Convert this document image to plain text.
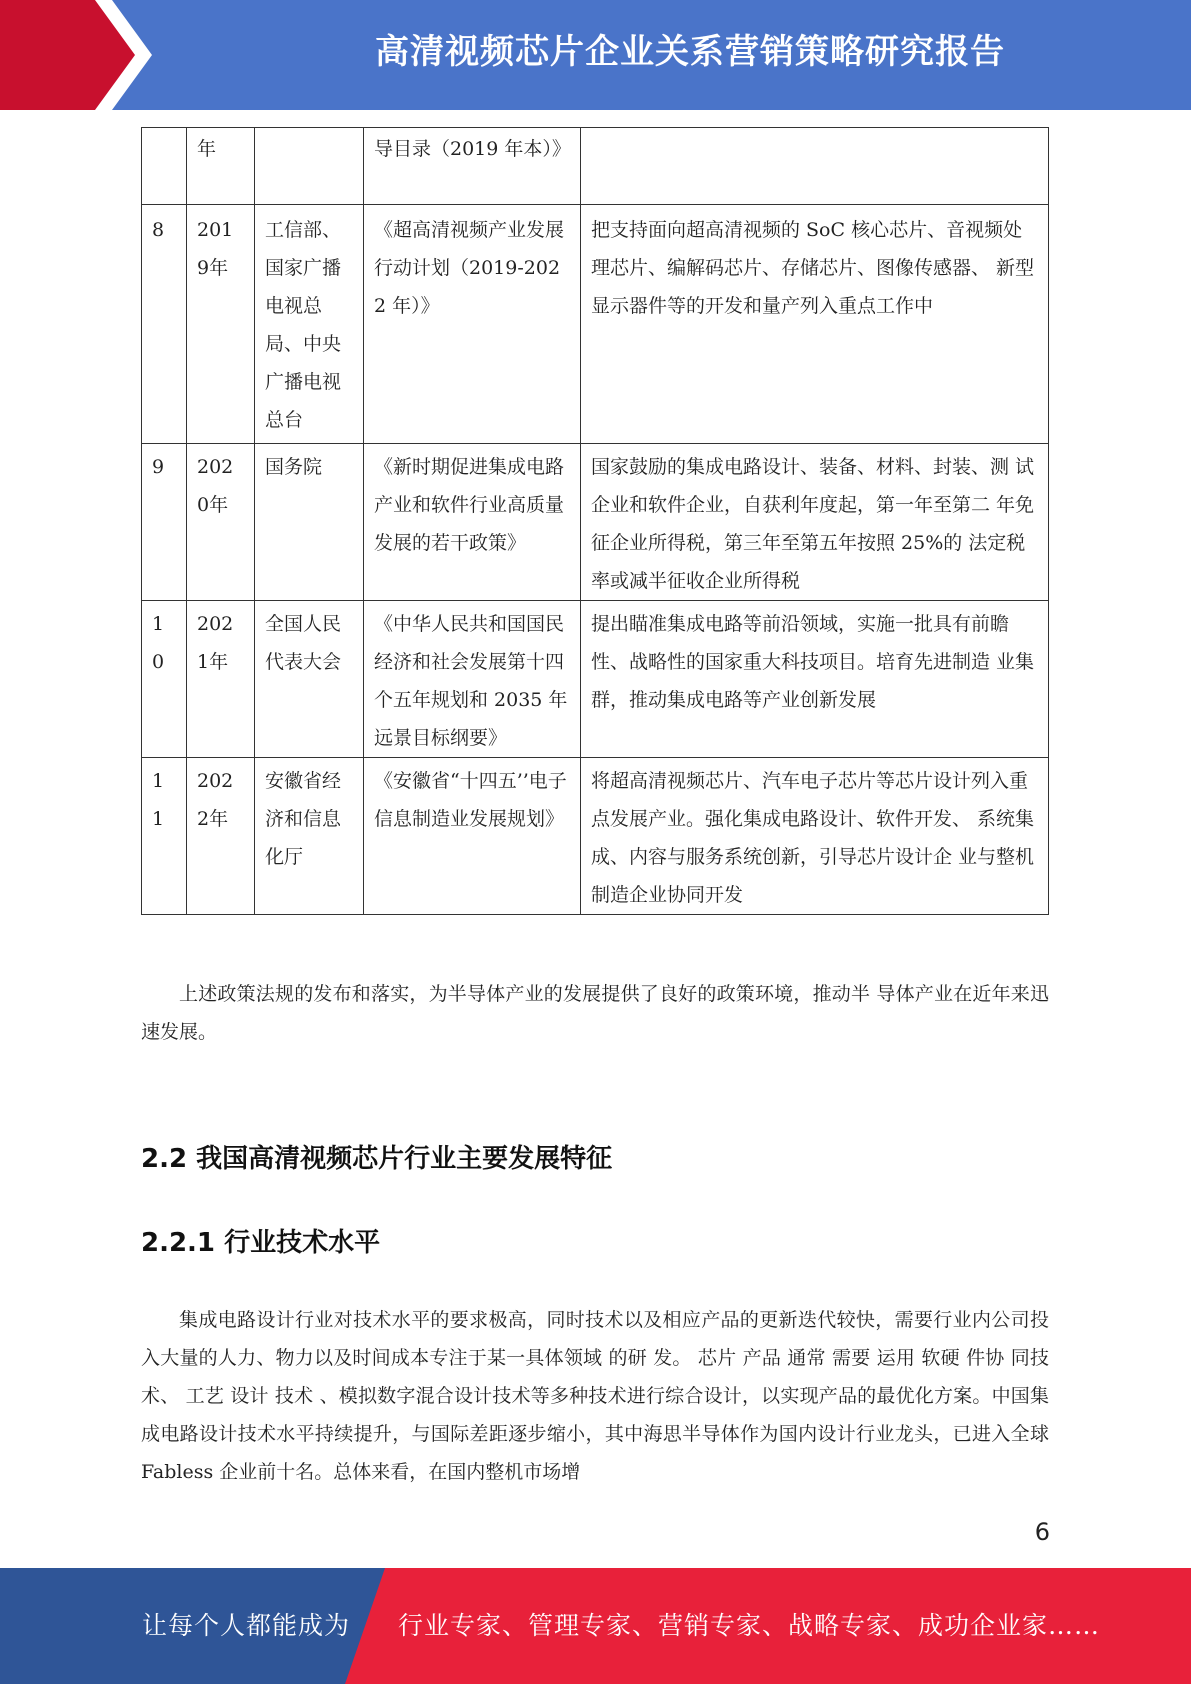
高清视频芯片企业关系营销策略研究报告
	年		导目录（2019 年本）》	
8	2019年	工信部、国家广播电视总局、中央广播电视总台	《超高清视频产业发展行动计划（2019-2022 年）》	把支持面向超高清视频的 SoC 核心芯片、音视频处理芯片、编解码芯片、存储芯片、图像传感器、 新型显示器件等的开发和量产列入重点工作中
9	2020年	国务院	《新时期促进集成电路产业和软件行业高质量发展的若干政策》	国家鼓励的集成电路设计、装备、材料、封装、测 试企业和软件企业，自获利年度起，第一年至第二 年免征企业所得税，第三年至第五年按照 25%的 法定税率或减半征收企业所得税
10	2021年	全国人民代表大会	《中华人民共和国国民经济和社会发展第十四个五年规划和 2035 年远景目标纲要》	提出瞄准集成电路等前沿领域，实施一批具有前瞻性、战略性的国家重大科技项目。培育先进制造 业集群，推动集成电路等产业创新发展
11	2022年	安徽省经济和信息化厅	《安徽省“十四五’’电子信息制造业发展规划》	将超高清视频芯片、汽车电子芯片等芯片设计列入重点发展产业。强化集成电路设计、软件开发、 系统集成、内容与服务系统创新，引导芯片设计企 业与整机制造企业协同开发

上述政策法规的发布和落实，为半导体产业的发展提供了良好的政策环境，推动半 导体产业在近年来迅速发展。

2.2 我国高清视频芯片行业主要发展特征
2.2.1 行业技术水平

集成电路设计行业对技术水平的要求极高，同时技术以及相应产品的更新迭代较快，需要行业内公司投入大量的人力、物力以及时间成本专注于某一具体领域 的研 发。 芯片 产品 通常 需要 运用 软硬 件协 同技 术、 工艺 设计 技术 、模拟数字混合设计技术等多种技术进行综合设计，以实现产品的最优化方案。中国集成电路设计技术水平持续提升，与国际差距逐步缩小，其中海思半导体作为国内设计行业龙头，已进入全球 Fabless 企业前十名。总体来看，在国内整机市场增

6
让每个人都能成为 行业专家、管理专家、营销专家、战略专家、成功企业家……
